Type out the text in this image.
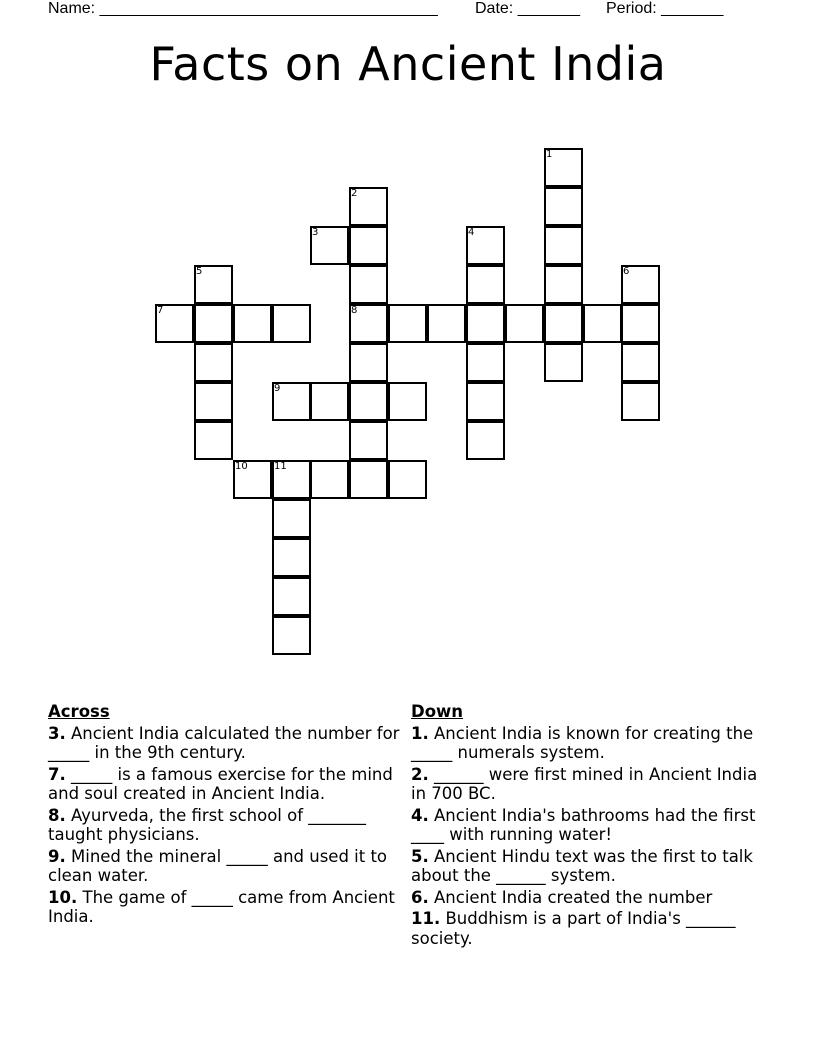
Name: ______________________________________ Date: _______ Period: _______
Facts on Ancient India
1
2
3	4
5	6
7	8
9
10	11
Across
3. Ancient India calculated the number for _____ in the 9th century.
7. _____ is a famous exercise for the mind and soul created in Ancient India.
8. Ayurveda, the first school of _______ taught physicians.
9. Mined the mineral _____ and used it to clean water.
10. The game of _____ came from Ancient India.
Down
1. Ancient India is known for creating the _____ numerals system.
2. ______ were first mined in Ancient India in 700 BC.
4. Ancient India's bathrooms had the first ____ with running water!
5. Ancient Hindu text was the first to talk about the ______ system.
6. Ancient India created the number
11. Buddhism is a part of India's ______ society.
